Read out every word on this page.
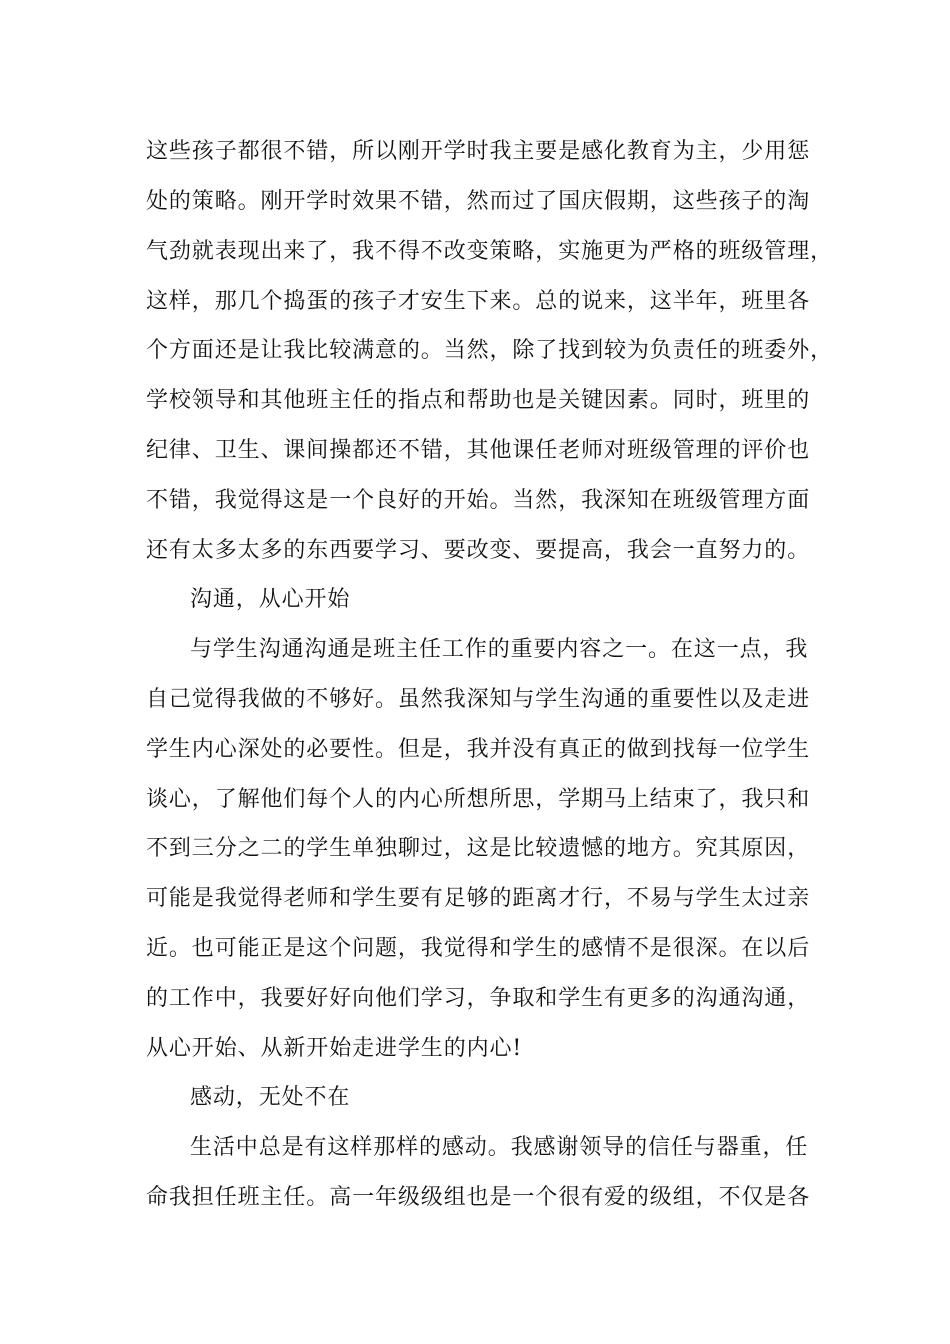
这些孩子都很不错，所以刚开学时我主要是感化教育为主，少用惩
处的策略。刚开学时效果不错，然而过了国庆假期，这些孩子的淘
气劲就表现出来了，我不得不改变策略，实施更为严格的班级管理，
这样，那几个捣蛋的孩子才安生下来。总的说来，这半年，班里各
个方面还是让我比较满意的。当然，除了找到较为负责任的班委外，
学校领导和其他班主任的指点和帮助也是关键因素。同时，班里的
纪律、卫生、课间操都还不错，其他课任老师对班级管理的评价也
不错，我觉得这是一个良好的开始。当然，我深知在班级管理方面
还有太多太多的东西要学习、要改变、要提高，我会一直努力的。
沟通，从心开始
与学生沟通沟通是班主任工作的重要内容之一。在这一点，我
自己觉得我做的不够好。虽然我深知与学生沟通的重要性以及走进
学生内心深处的必要性。但是，我并没有真正的做到找每一位学生
谈心，了解他们每个人的内心所想所思，学期马上结束了，我只和
不到三分之二的学生单独聊过，这是比较遗憾的地方。究其原因，
可能是我觉得老师和学生要有足够的距离才行，不易与学生太过亲
近。也可能正是这个问题，我觉得和学生的感情不是很深。在以后
的工作中，我要好好向他们学习，争取和学生有更多的沟通沟通，
从心开始、从新开始走进学生的内心!
感动，无处不在
生活中总是有这样那样的感动。我感谢领导的信任与器重，任
命我担任班主任。高一年级级组也是一个很有爱的级组，不仅是各
